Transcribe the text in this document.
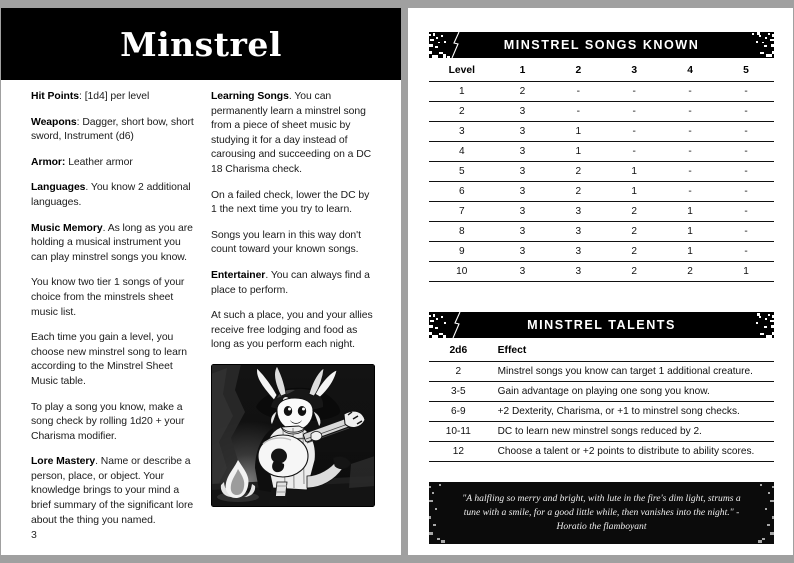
Minstrel

Hit Points: [1d4] per level

Weapons: Dagger, short bow, short sword, Instrument (d6)

Armor: Leather armor

Languages. You know 2 additional languages.

Music Memory. As long as you are holding a musical instrument you can play minstrel songs you know.

You know two tier 1 songs of your choice from the minstrels sheet music list.

Each time you gain a level, you choose new minstrel song to learn according to the Minstrel Sheet Music table.

To play a song you know, make a song check by rolling 1d20 + your Charisma modifier.

Lore Mastery. Name or describe a person, place, or object. Your knowledge brings to your mind a brief summary of the significant lore about the thing you named.

Learning Songs. You can permanently learn a minstrel song from a piece of sheet music by studying it for a day instead of carousing and succeeding on a DC 18 Charisma check.

On a failed check, lower the DC by 1 the next time you try to learn.

Songs you learn in this way don't count toward your known songs.

Entertainer. You can always find a place to perform.

At such a place, you and your allies receive free lodging and food as long as you perform each night.

3
MINSTREL SONGS KNOWN
Level	1	2	3	4	5
1	2	-	-	-	-
2	3	-	-	-	-
3	3	1	-	-	-
4	3	1	-	-	-
5	3	2	1	-	-
6	3	2	1	-	-
7	3	3	2	1	-
8	3	3	2	1	-
9	3	3	2	1	-
10	3	3	2	2	1
MINSTREL TALENTS
2d6	Effect
2	Minstrel songs you know can target 1 additional creature.
3-5	Gain advantage on playing one song you know.
6-9	+2 Dexterity, Charisma, or +1 to minstrel song checks.
10-11	DC to learn new minstrel songs reduced by 2.
12	Choose a talent or +2 points to distribute to ability scores.
"A halfling so merry and bright, with lute in the fire's dim light, strums a tune with a smile, for a good little while, then vanishes into the night." - Horatio the flamboyant
